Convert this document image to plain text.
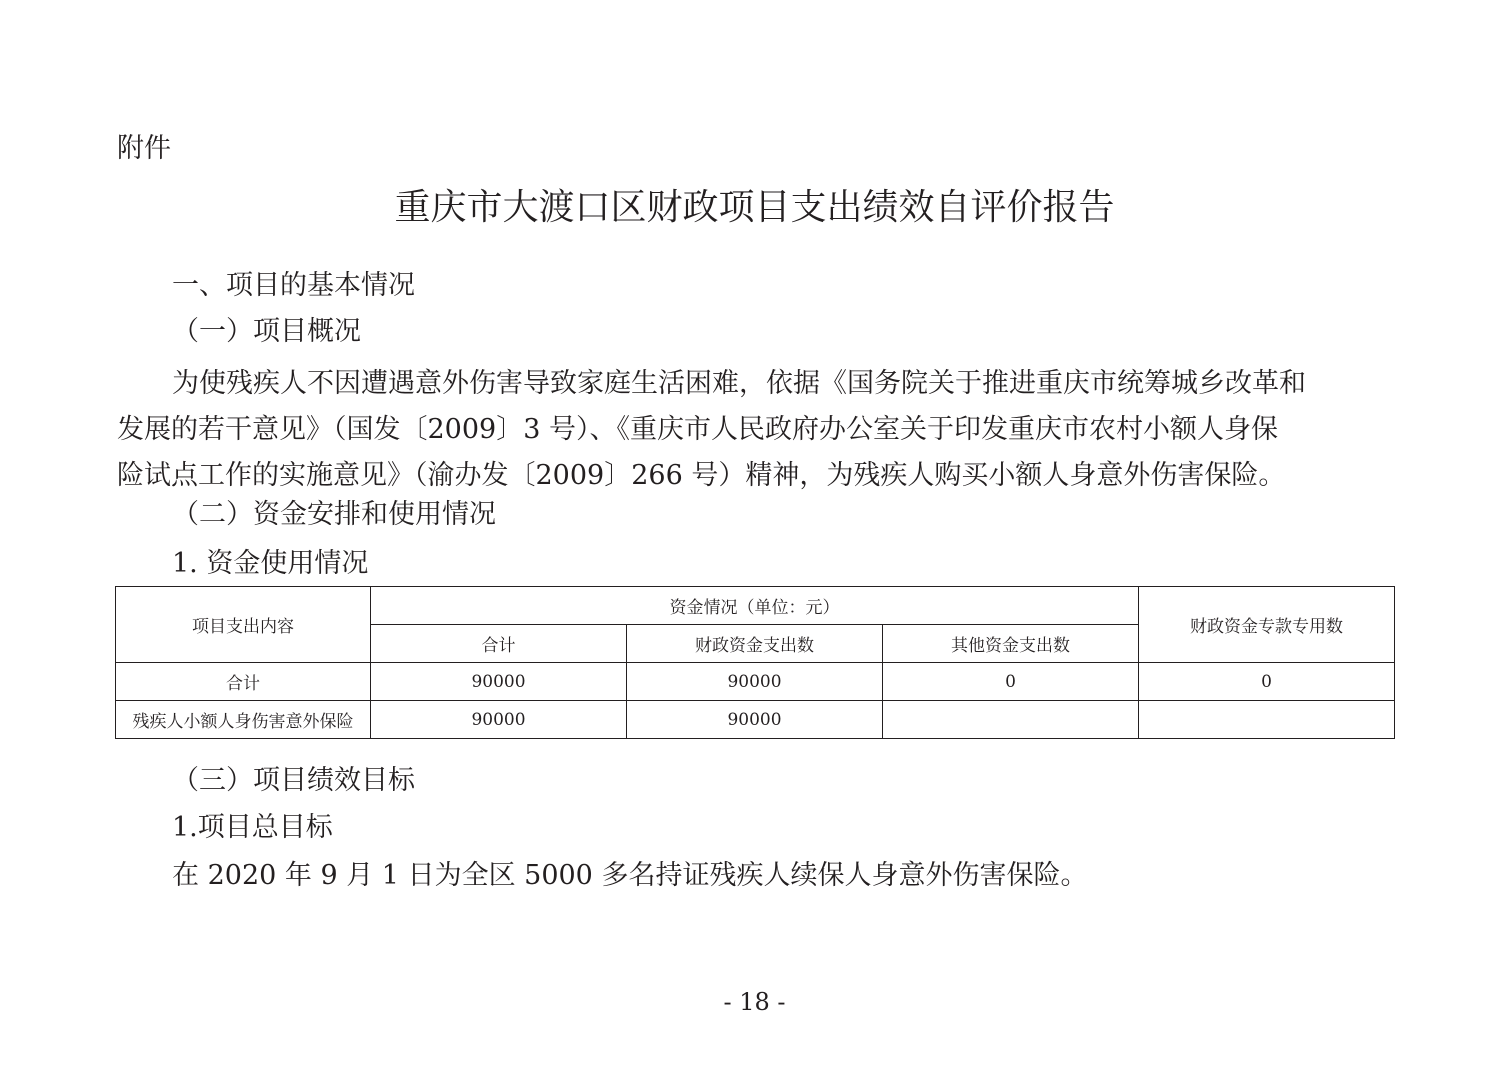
附件
重庆市大渡口区财政项目支出绩效自评价报告
一、项目的基本情况
（一）项目概况
为使残疾人不因遭遇意外伤害导致家庭生活困难，依据《国务院关于推进重庆市统筹城乡改革和
发展的若干意见》（国发〔2009〕3 号）、《重庆市人民政府办公室关于印发重庆市农村小额人身保
险试点工作的实施意见》（渝办发〔2009〕266 号）精神，为残疾人购买小额人身意外伤害保险。
（二）资金安排和使用情况
1. 资金使用情况
项目支出内容	资金情况（单位：元）			财政资金专款专用数
	合计	财政资金支出数	其他资金支出数	
合计	90000	90000	0	0
残疾人小额人身伤害意外保险	90000	90000		
（三）项目绩效目标
1.项目总目标
在 2020 年 9 月 1 日为全区 5000 多名持证残疾人续保人身意外伤害保险。
- 18 -
